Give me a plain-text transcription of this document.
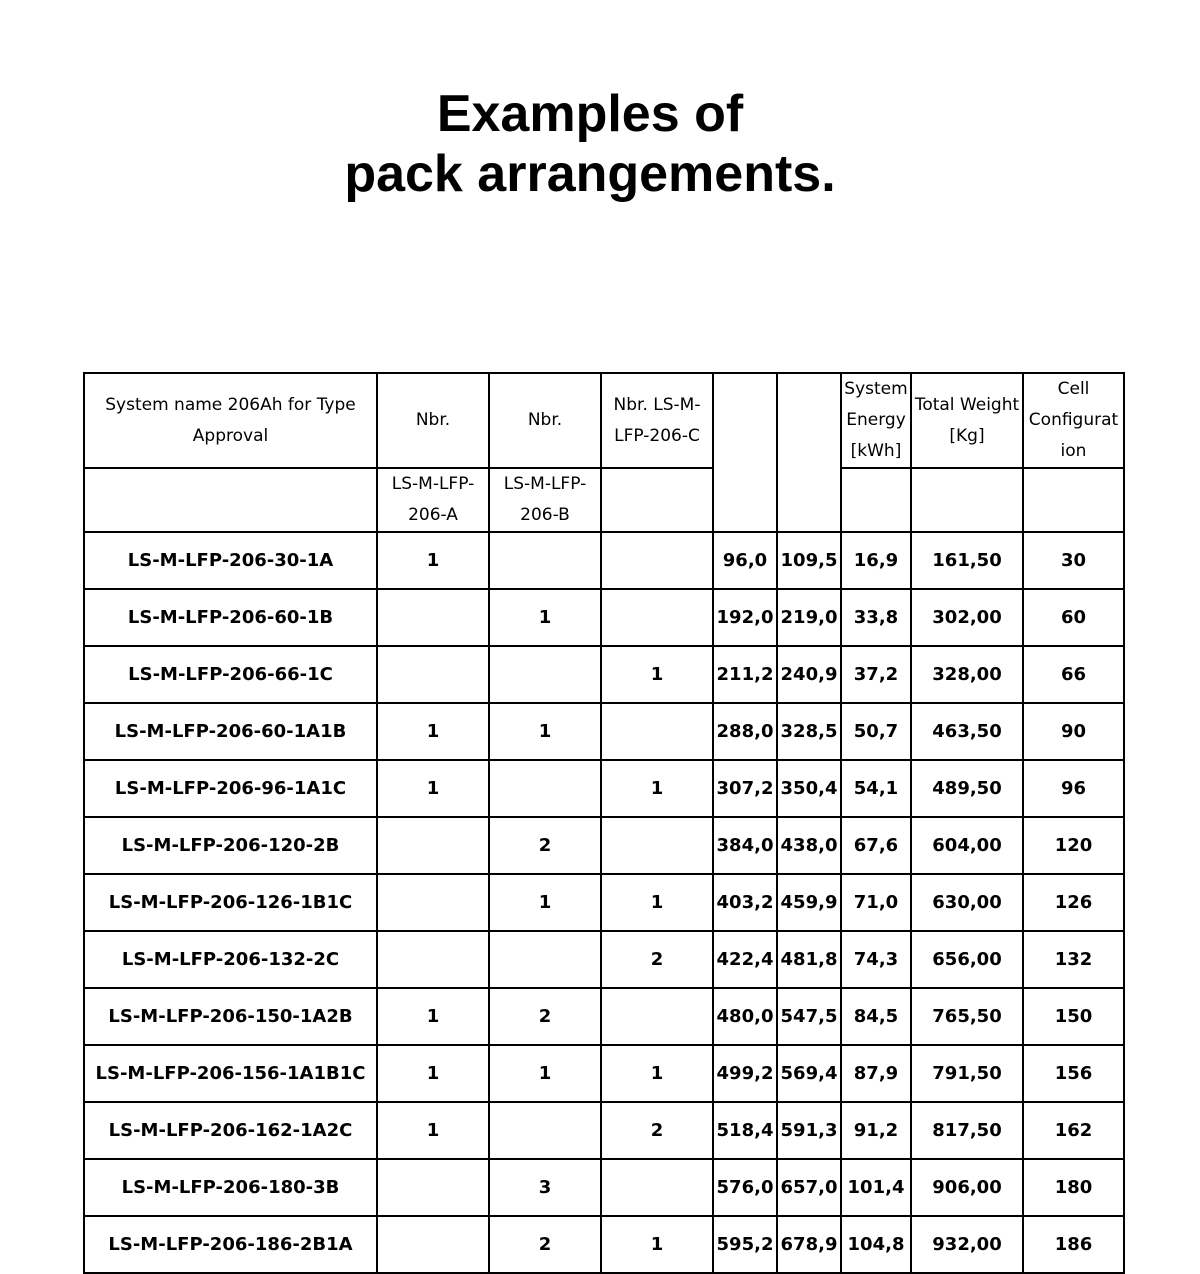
Examples of
pack arrangements.
System name 206Ah for Type Approval	Nbr.	Nbr.	Nbr. LS-M-LFP-206-C			System Energy [kWh]	Total Weight [Kg]	Cell Configurat ion
	LS-M-LFP-206-A	LS-M-LFP-206-B						
LS-M-LFP-206-30-1A	1			96,0	109,5	16,9	161,50	30
LS-M-LFP-206-60-1B		1		192,0	219,0	33,8	302,00	60
LS-M-LFP-206-66-1C			1	211,2	240,9	37,2	328,00	66
LS-M-LFP-206-60-1A1B	1	1		288,0	328,5	50,7	463,50	90
LS-M-LFP-206-96-1A1C	1		1	307,2	350,4	54,1	489,50	96
LS-M-LFP-206-120-2B		2		384,0	438,0	67,6	604,00	120
LS-M-LFP-206-126-1B1C		1	1	403,2	459,9	71,0	630,00	126
LS-M-LFP-206-132-2C			2	422,4	481,8	74,3	656,00	132
LS-M-LFP-206-150-1A2B	1	2		480,0	547,5	84,5	765,50	150
LS-M-LFP-206-156-1A1B1C	1	1	1	499,2	569,4	87,9	791,50	156
LS-M-LFP-206-162-1A2C	1		2	518,4	591,3	91,2	817,50	162
LS-M-LFP-206-180-3B		3		576,0	657,0	101,4	906,00	180
LS-M-LFP-206-186-2B1A		2	1	595,2	678,9	104,8	932,00	186
